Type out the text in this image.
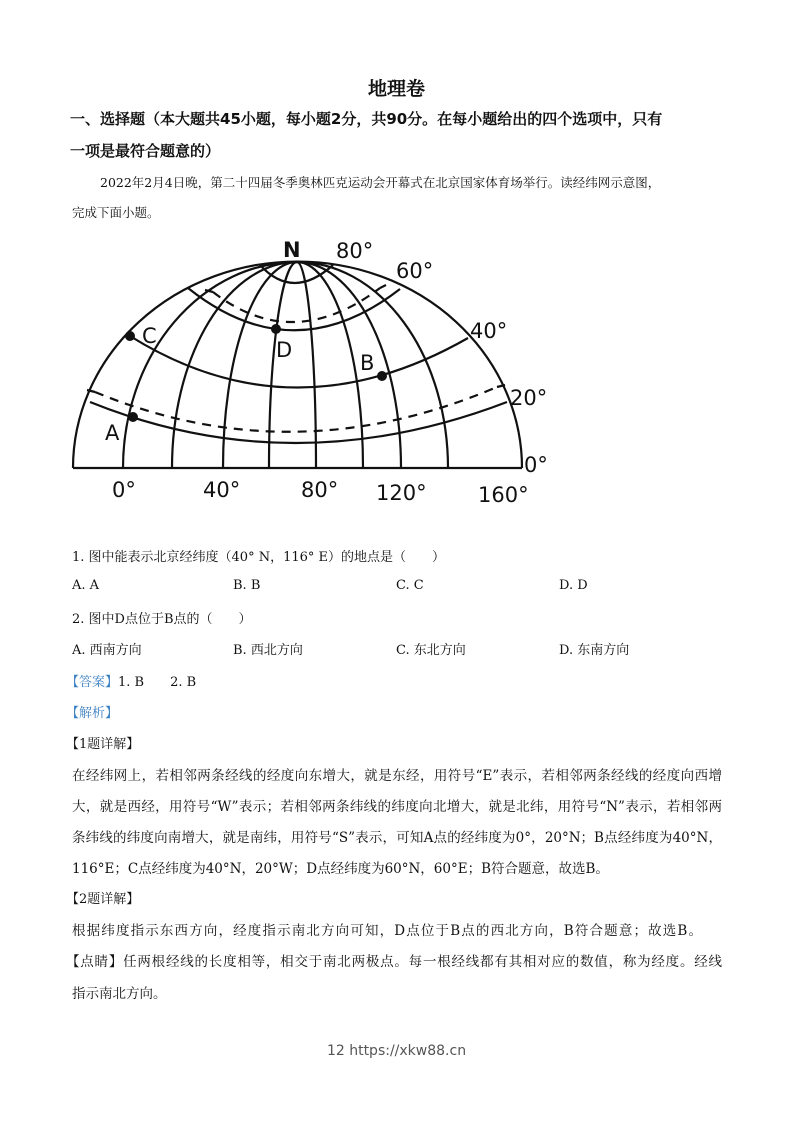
地理卷
一、选择题（本大题共45小题，每小题2分，共90分。在每小题给出的四个选项中，只有
一项是最符合题意的）
2022年2月4日晚，第二十四届冬季奥林匹克运动会开幕式在北京国家体育场举行。读经纬网示意图，
完成下面小题。
N 80°
60°
40°
20°
0°
0°	40°	80° 120° 160°
A
B
C
D
1. 图中能表示北京经纬度（40° N，116° E）的地点是（　　）
A. A	B. B	C. C	D. D
2. 图中D点位于B点的（　　）
A. 西南方向	B. 西北方向	C. 东北方向	D. 东南方向
【答案】1. B　　2. B
【解析】
【1题详解】
在经纬网上，若相邻两条经线的经度向东增大，就是东经，用符号“E”表示，若相邻两条经线的经度向西增
大，就是西经，用符号“W”表示；若相邻两条纬线的纬度向北增大，就是北纬，用符号“N”表示，若相邻两
条纬线的纬度向南增大，就是南纬，用符号“S”表示，可知A点的经纬度为0°，20°N；B点经纬度为40°N，
116°E；C点经纬度为40°N，20°W；D点经纬度为60°N，60°E；B符合题意，故选B。
【2题详解】
根据纬度指示东西方向，经度指示南北方向可知，D点位于B点的西北方向，B符合题意；故选B。
【点睛】任两根经线的长度相等，相交于南北两极点。每一根经线都有其相对应的数值，称为经度。经线
指示南北方向。
12 https://xkw88.cn
